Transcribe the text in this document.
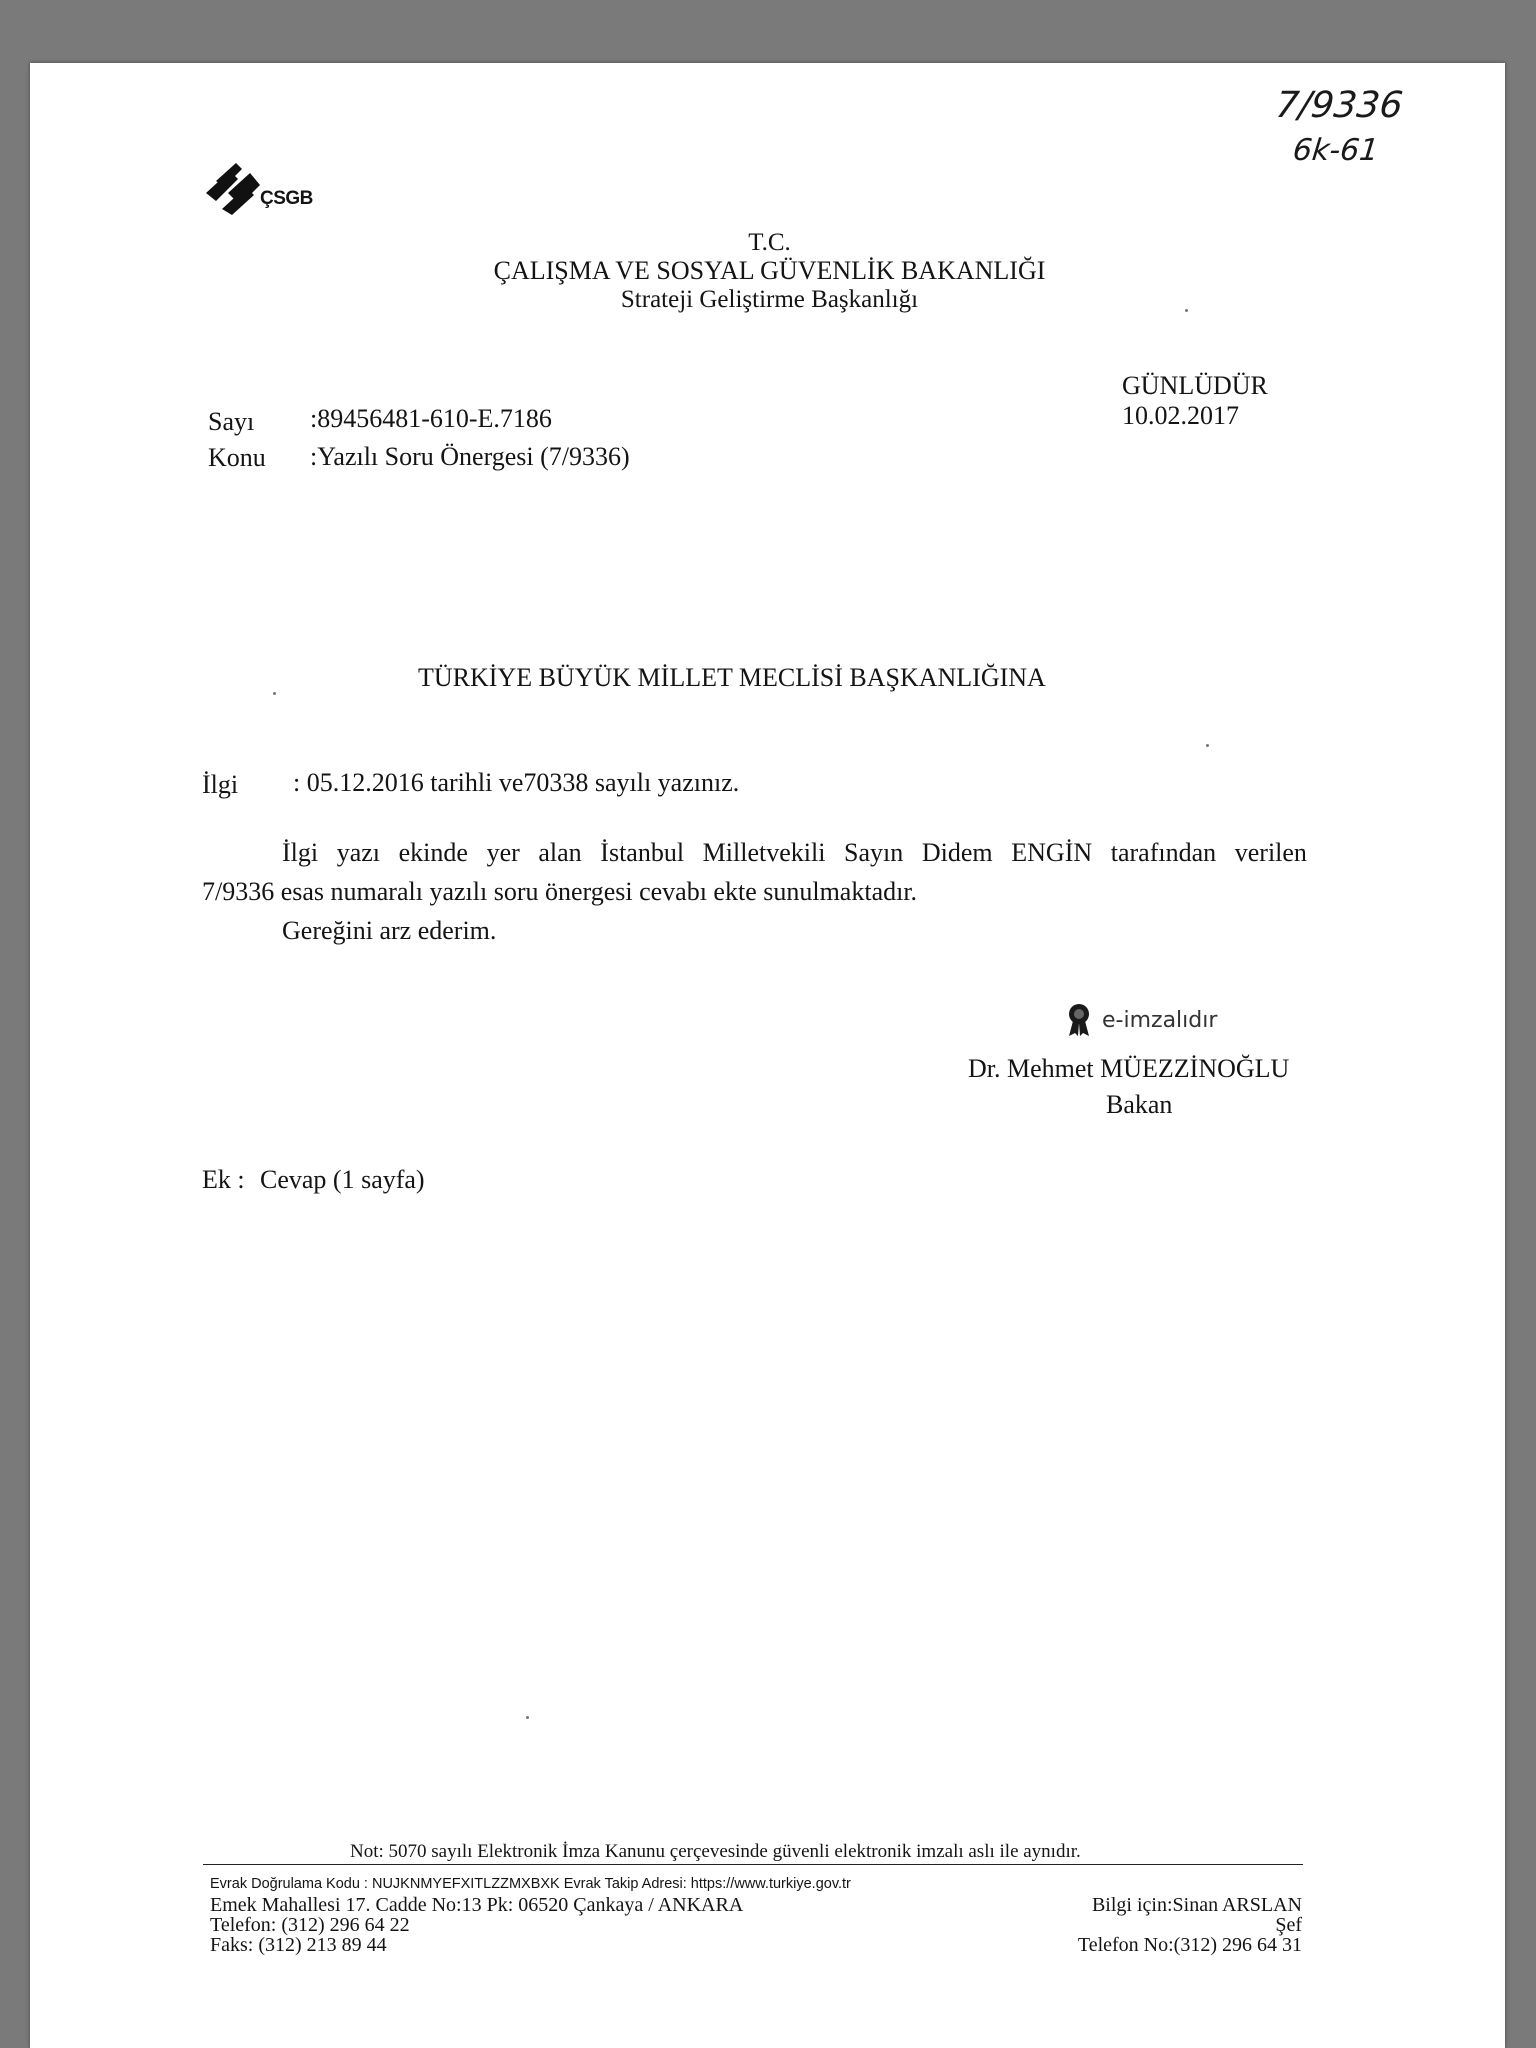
7/9336
6k-61
ÇSGB
T.C.
ÇALIŞMA VE SOSYAL GÜVENLİK BAKANLIĞI
Strateji Geliştirme Başkanlığı
GÜNLÜDÜR
10.02.2017
Sayı :89456481-610-E.7186
Konu :Yazılı Soru Önergesi (7/9336)
TÜRKİYE BÜYÜK MİLLET MECLİSİ BAŞKANLIĞINA
İlgi : 05.12.2016 tarihli ve70338 sayılı yazınız.
İlgi yazı ekinde yer alan İstanbul Milletvekili Sayın Didem ENGİN tarafından verilen
7/9336 esas numaralı yazılı soru önergesi cevabı ekte sunulmaktadır.
Gereğini arz ederim.
e-imzalıdır
Dr. Mehmet MÜEZZİNOĞLU
Bakan
Ek : Cevap (1 sayfa)
Not: 5070 sayılı Elektronik İmza Kanunu çerçevesinde güvenli elektronik imzalı aslı ile aynıdır.
Evrak Doğrulama Kodu : NUJKNMYEFXITLZZMXBXK Evrak Takip Adresi: https://www.turkiye.gov.tr
Emek Mahallesi 17. Cadde No:13 Pk: 06520 Çankaya / ANKARA
Telefon: (312) 296 64 22
Faks: (312) 213 89 44
Bilgi için:Sinan ARSLAN
Şef
Telefon No:(312) 296 64 31
